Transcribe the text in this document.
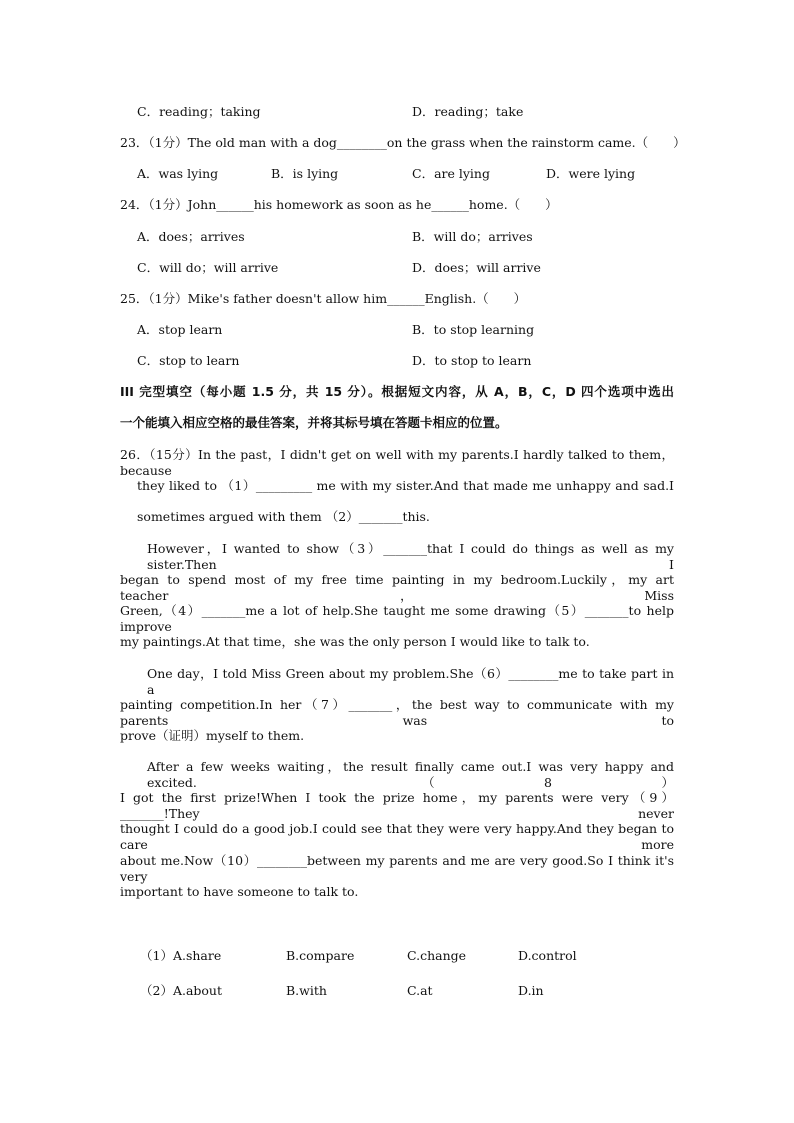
C．reading；taking	D．reading；take
23．（1分）The old man with a dog________on the grass when the rainstorm came.（　　）
A．was lying	B．is lying	C．are lying	D．were lying
24．（1分）John______his homework as soon as he______home.（　　）
A．does；arrives	B．will do；arrives
C．will do；will arrive	D．does；will arrive
25．（1分）Mike's father doesn't allow him______English.（　　）
A．stop learn	B．to stop learning
C．stop to learn	D．to stop to learn
III 完型填空（每小题 1.5 分，共 15 分）。根据短文内容，从 A，B，C，D 四个选项中选出
一个能填入相应空格的最佳答案，并将其标号填在答题卡相应的位置。
26．（15分）In the past，I didn't get on well with my parents.I hardly talked to them，because
they liked to （1）_________ me with my sister.And that made me unhappy and sad.I
sometimes argued with them （2）_______this.
However，I wanted to show（3）_______that I could do things as well as my sister.Then I
began to spend most of my free time painting in my bedroom.Luckily，my art teacher，Miss
Green,（4）_______me a lot of help.She taught me some drawing（5）_______to help improve
my paintings.At that time，she was the only person I would like to talk to.
One day，I told Miss Green about my problem.She（6）________me to take part in a
painting competition.In her（7）_______，the best way to communicate with my parents was to
prove（证明）myself to them.
After a few weeks waiting，the result finally came out.I was very happy and excited.　（8）
I got the first prize!When I took the prize home，my parents were very（9）_______!They never
thought I could do a good job.I could see that they were very happy.And they began to care more
about me.Now（10）________between my parents and me are very good.So I think it's very
important to have someone to talk to.
（1）A.share	B.compare	C.change	D.control
（2）A.about	B.with	C.at	D.in
